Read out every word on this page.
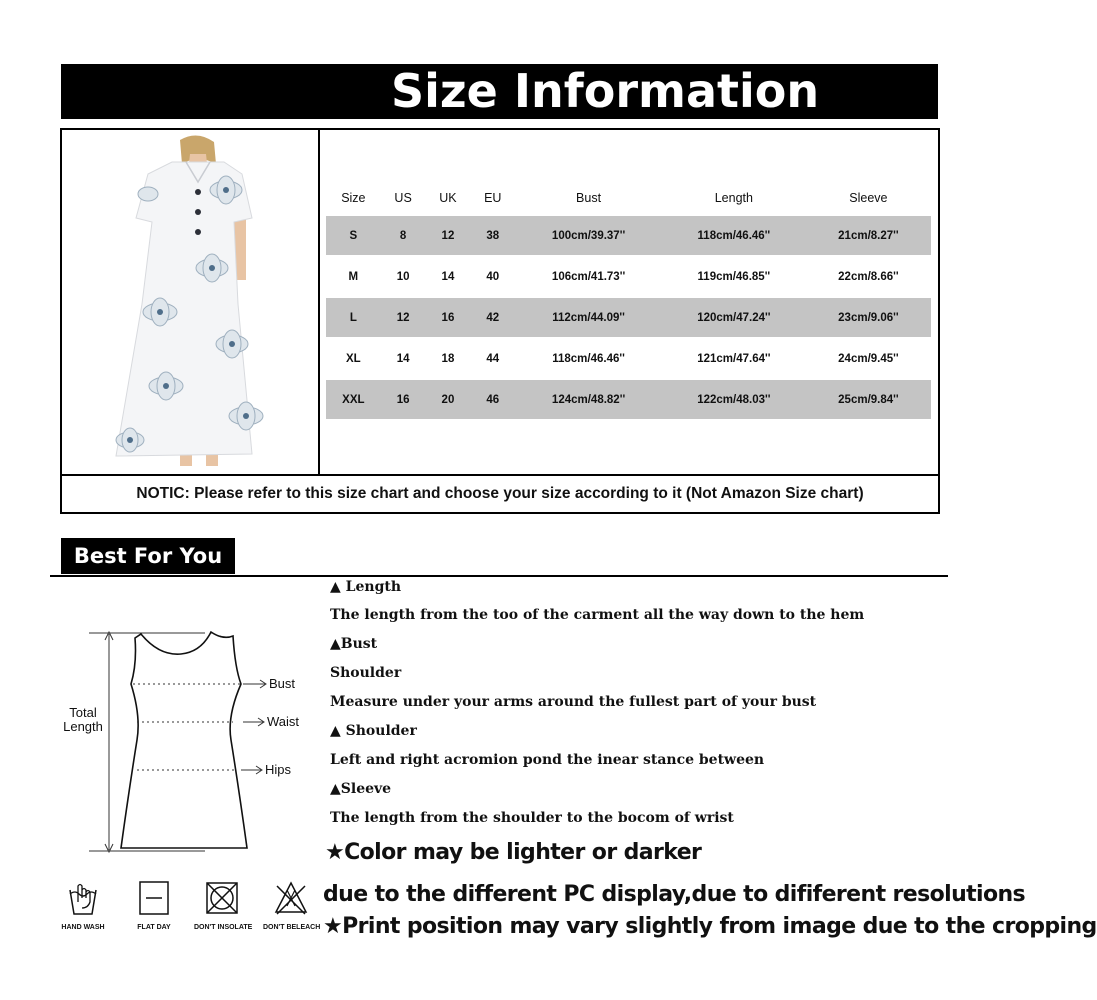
Size Information
Size	US	UK	EU	Bust	Length	Sleeve
S	8	12	38	100cm/39.37''	118cm/46.46''	21cm/8.27''
M	10	14	40	106cm/41.73''	119cm/46.85''	22cm/8.66''
L	12	16	42	112cm/44.09''	120cm/47.24''	23cm/9.06''
XL	14	18	44	118cm/46.46''	121cm/47.64''	24cm/9.45''
XXL	16	20	46	124cm/48.82''	122cm/48.03''	25cm/9.84''
NOTIC: Please refer to this size chart and choose your size according to it (Not Amazon Size chart)
Best For You
Total
Length
Bust
Waist
Hips
▲ Length
The length from the too of the carment all the way down to the hem
▲Bust
Shoulder
Measure under your arms around the fullest part of your bust
▲ Shoulder
Left and right acromion pond the inear stance between
▲Sleeve
The length from the shoulder to the bocom of wrist
★Color may be lighter or darker
due to the different PC display,due to dififerent resolutions
★Print position may vary slightly from image due to the cropping
HAND WASH	FLAT DAY	DON'T INSOLATE DON'T BELEACH
